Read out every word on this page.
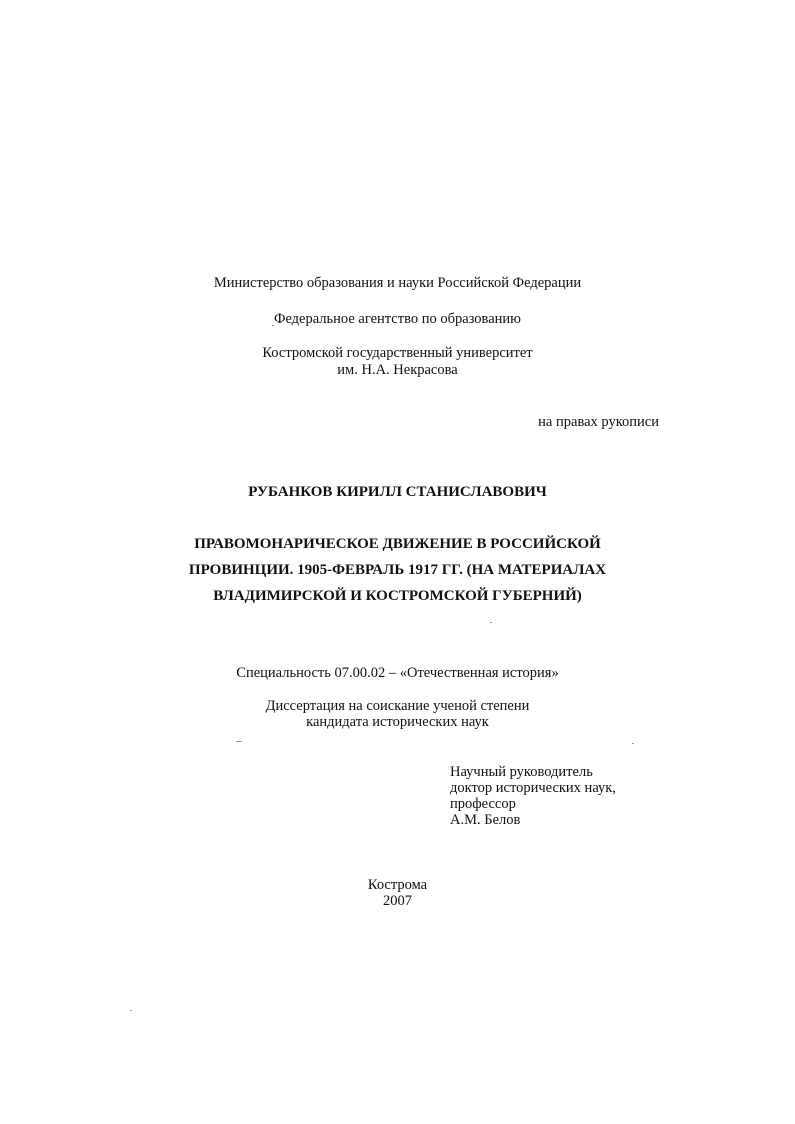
Министерство образования и науки Российской Федерации
Федеральное агентство по образованию
Костромской государственный университет
им. Н.А. Некрасова
на правах рукописи
РУБАНКОВ КИРИЛЛ СТАНИСЛАВОВИЧ
ПРАВОМОНАРИЧЕСКОЕ ДВИЖЕНИЕ В РОССИЙСКОЙ
ПРОВИНЦИИ. 1905-ФЕВРАЛЬ 1917 ГГ. (НА МАТЕРИАЛАХ
ВЛАДИМИРСКОЙ И КОСТРОМСКОЙ ГУБЕРНИЙ)
Специальность 07.00.02 – «Отечественная история»
Диссертация на соискание ученой степени
кандидата исторических наук
Научный руководитель
доктор исторических наук,
профессор
А.М. Белов
Кострома
2007
